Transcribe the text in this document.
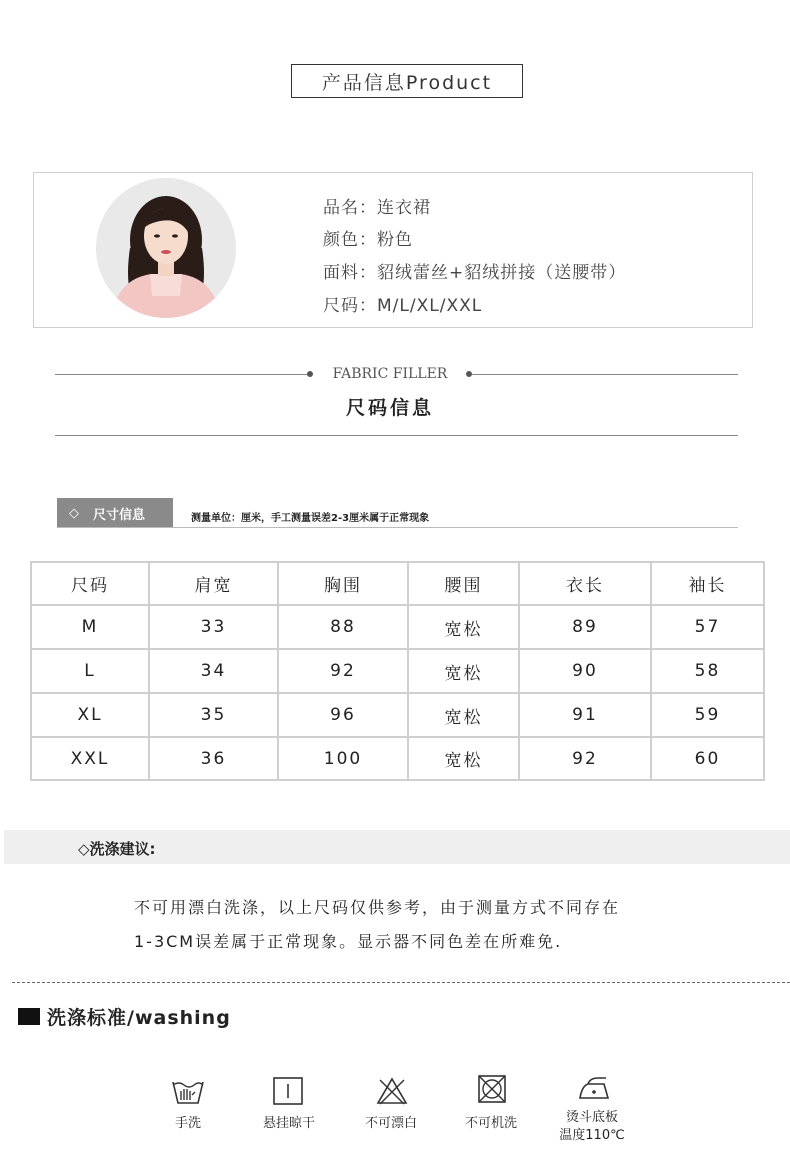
产品信息Product
品名：连衣裙
颜色：粉色
面料：貂绒蕾丝+貂绒拼接（送腰带）
尺码：M/L/XL/XXL
FABRIC FILLER
尺码信息
◇ 尺寸信息	测量单位：厘米，手工测量误差2-3厘米属于正常现象
尺码	肩宽	胸围	腰围	衣长	袖长
M	33	88	宽松	89	57
L	34	92	宽松	90	58
XL	35	96	宽松	91	59
XXL	36	100	宽松	92	60
◇洗涤建议:
不可用漂白洗涤，以上尺码仅供参考，由于测量方式不同存在
1-3CM误差属于正常现象。显示器不同色差在所难免.
洗涤标准/washing
手洗	悬挂晾干	不可漂白	不可机洗	烫斗底板
温度110℃
